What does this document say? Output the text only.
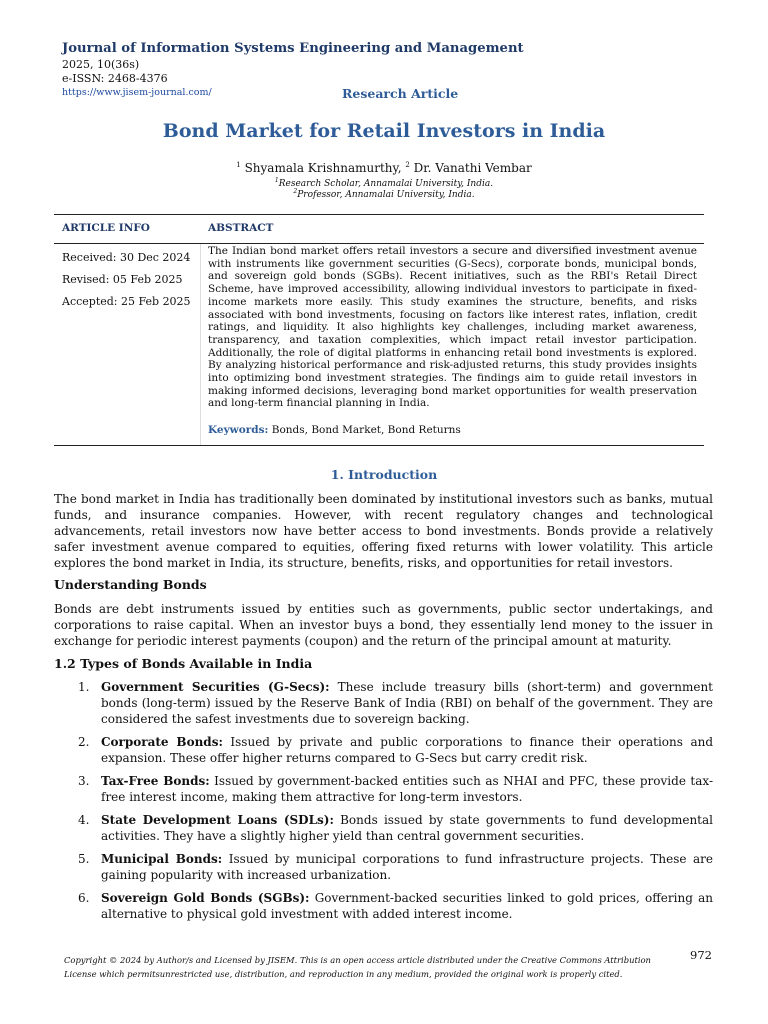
Journal of Information Systems Engineering and Management
2025, 10(36s)
e-ISSN: 2468-4376
https://www.jisem-journal.com/	Research Article
Bond Market for Retail Investors in India
$^1$ Shyamala Krishnamurthy, $^2$ Dr. Vanathi Vembar
$^1$Research Scholar, Annamalai University, India.
$^2$Professor, Annamalai University, India.
ARTICLE INFO	ABSTRACT
Received: 30 Dec 2024
Revised: 05 Feb 2025
Accepted: 25 Feb 2025
The Indian bond market offers retail investors a secure and diversified investment avenue with instruments like government securities (G-Secs), corporate bonds, municipal bonds, and sovereign gold bonds (SGBs). Recent initiatives, such as the RBI's Retail Direct Scheme, have improved accessibility, allowing individual investors to participate in fixed-income markets more easily. This study examines the structure, benefits, and risks associated with bond investments, focusing on factors like interest rates, inflation, credit ratings, and liquidity. It also highlights key challenges, including market awareness, transparency, and taxation complexities, which impact retail investor participation. Additionally, the role of digital platforms in enhancing retail bond investments is explored. By analyzing historical performance and risk-adjusted returns, this study provides insights into optimizing bond investment strategies. The findings aim to guide retail investors in making informed decisions, leveraging bond market opportunities for wealth preservation and long-term financial planning in India.
Keywords: Bonds, Bond Market, Bond Returns
1. Introduction
The bond market in India has traditionally been dominated by institutional investors such as banks, mutual funds, and insurance companies. However, with recent regulatory changes and technological advancements, retail investors now have better access to bond investments. Bonds provide a relatively safer investment avenue compared to equities, offering fixed returns with lower volatility. This article explores the bond market in India, its structure, benefits, risks, and opportunities for retail investors.
Understanding Bonds
Bonds are debt instruments issued by entities such as governments, public sector undertakings, and corporations to raise capital. When an investor buys a bond, they essentially lend money to the issuer in exchange for periodic interest payments (coupon) and the return of the principal amount at maturity.
1.2 Types of Bonds Available in India
1. Government Securities (G-Secs): These include treasury bills (short-term) and government bonds (long-term) issued by the Reserve Bank of India (RBI) on behalf of the government. They are considered the safest investments due to sovereign backing.
2. Corporate Bonds: Issued by private and public corporations to finance their operations and expansion. These offer higher returns compared to G-Secs but carry credit risk.
3. Tax-Free Bonds: Issued by government-backed entities such as NHAI and PFC, these provide tax-free interest income, making them attractive for long-term investors.
4. State Development Loans (SDLs): Bonds issued by state governments to fund developmental activities. They have a slightly higher yield than central government securities.
5. Municipal Bonds: Issued by municipal corporations to fund infrastructure projects. These are gaining popularity with increased urbanization.
6. Sovereign Gold Bonds (SGBs): Government-backed securities linked to gold prices, offering an alternative to physical gold investment with added interest income.
Copyright © 2024 by Author/s and Licensed by JISEM. This is an open access article distributed under the Creative Commons Attribution License which permitsunrestricted use, distribution, and reproduction in any medium, provided the original work is properly cited.
972
